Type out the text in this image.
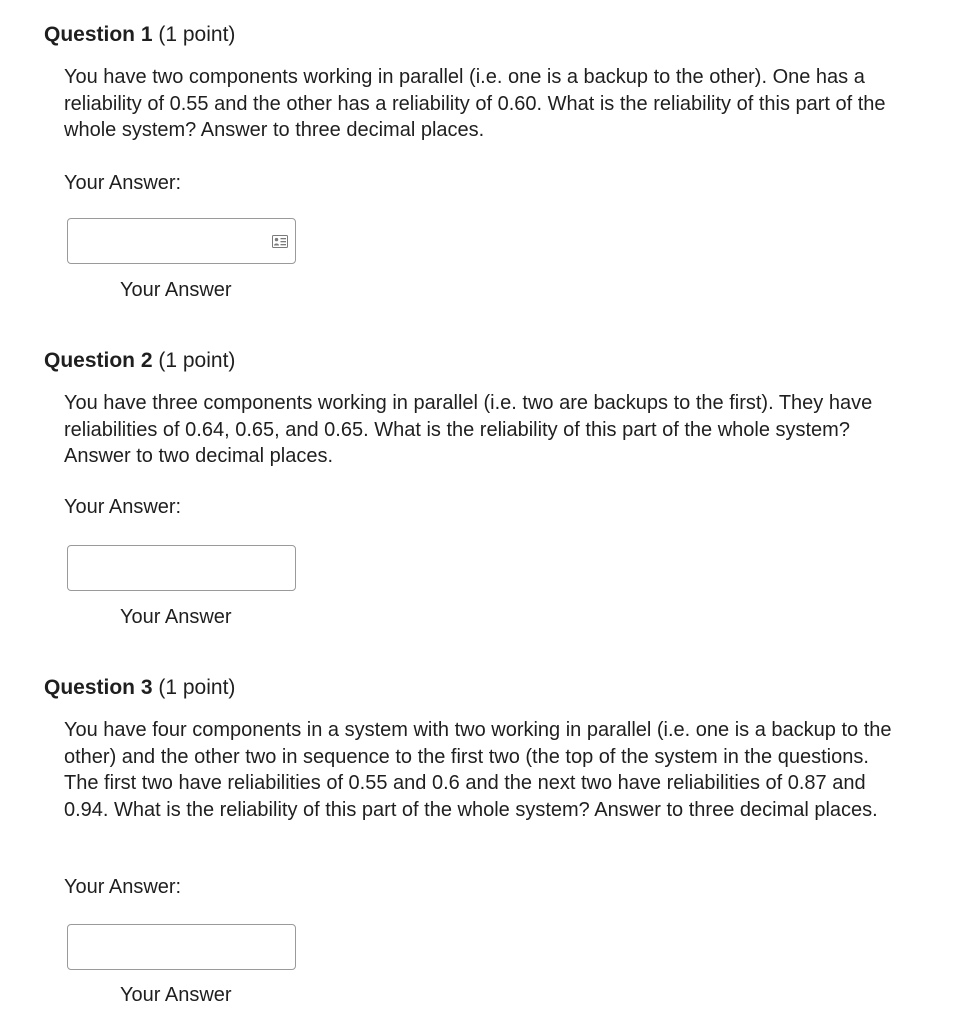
Question 1 (1 point)

You have two components working in parallel (i.e. one is a backup to the other). One has a reliability of 0.55 and the other has a reliability of 0.60. What is the reliability of this part of the whole system? Answer to three decimal places.

Your Answer:

Your Answer

Question 2 (1 point)

You have three components working in parallel (i.e. two are backups to the first). They have reliabilities of 0.64, 0.65, and 0.65. What is the reliability of this part of the whole system? Answer to two decimal places.

Your Answer:

Your Answer

Question 3 (1 point)

You have four components in a system with two working in parallel (i.e. one is a backup to the other) and the other two in sequence to the first two (the top of the system in the questions. The first two have reliabilities of 0.55 and 0.6 and the next two have reliabilities of 0.87 and 0.94. What is the reliability of this part of the whole system? Answer to three decimal places.

Your Answer:

Your Answer
